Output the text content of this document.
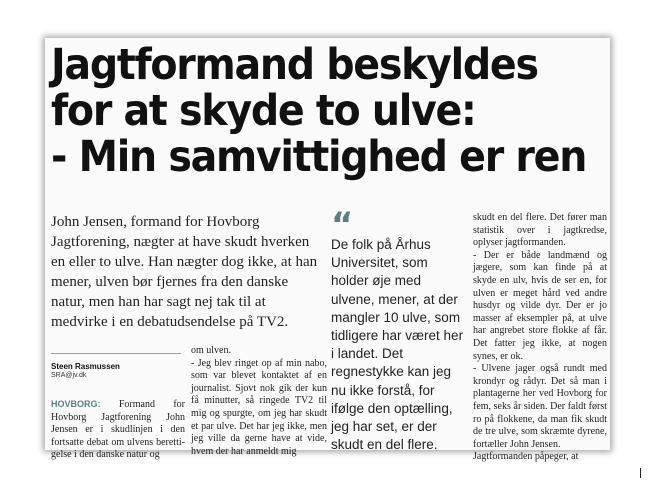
Jagtformand beskyldes
for at skyde to ulve:
- Min samvittighed er ren

John Jensen, formand for Hovborg Jagtforening, nægter at have skudt hverken en eller to ulve. Han nægter dog ikke, at han mener, ulven bør fjernes fra den danske natur, men han har sagt nej tak til at medvirke i en debatudsendelse på TV2.

Steen Rasmussen
SRA@jv.dk

HOVBORG: Formand for Hovborg Jagtforening John Jensen er i skudlinjen i den fortsatte debat om ulvens berettigelse i den danske natur og

om ulven.
- Jeg blev ringet op af min nabo, som var blevet kontaktet af en journalist. Sjovt nok gik der kun få minutter, så ringede TV2 til mig og spurgte, om jeg har skudt et par ulve. Det har jeg ikke, men jeg ville da gerne have at vide, hvem der har anmeldt mig

“

De folk på Århus Universitet, som holder øje med ulvene, mener, at der mangler 10 ulve, som tidligere har været her i landet. Det regnestykke kan jeg nu ikke forstå, for ifølge den optælling, jeg har set, er der skudt en del flere.

skudt en del flere. Det fører man statistik over i jagtkredse, oplyser jagtformanden.
- Der er både landmænd og jægere, som kan finde på at skyde en ulv, hvis de ser en, for ulven er meget hård ved andre husdyr og vilde dyr. Der er jo masser af eksempler på, at ulve har angrebet store flokke af får. Det fatter jeg ikke, at nogen synes, er ok.
- Ulvene jager også rundt med krondyr og rådyr. Det så man i plantagerne her ved Hovborg for fem, seks år siden. Der faldt først ro på flokkene, da man fik skudt de tre ulve, som skræmte dyrene, fortæller John Jensen.
Jagtformanden påpeger, at
